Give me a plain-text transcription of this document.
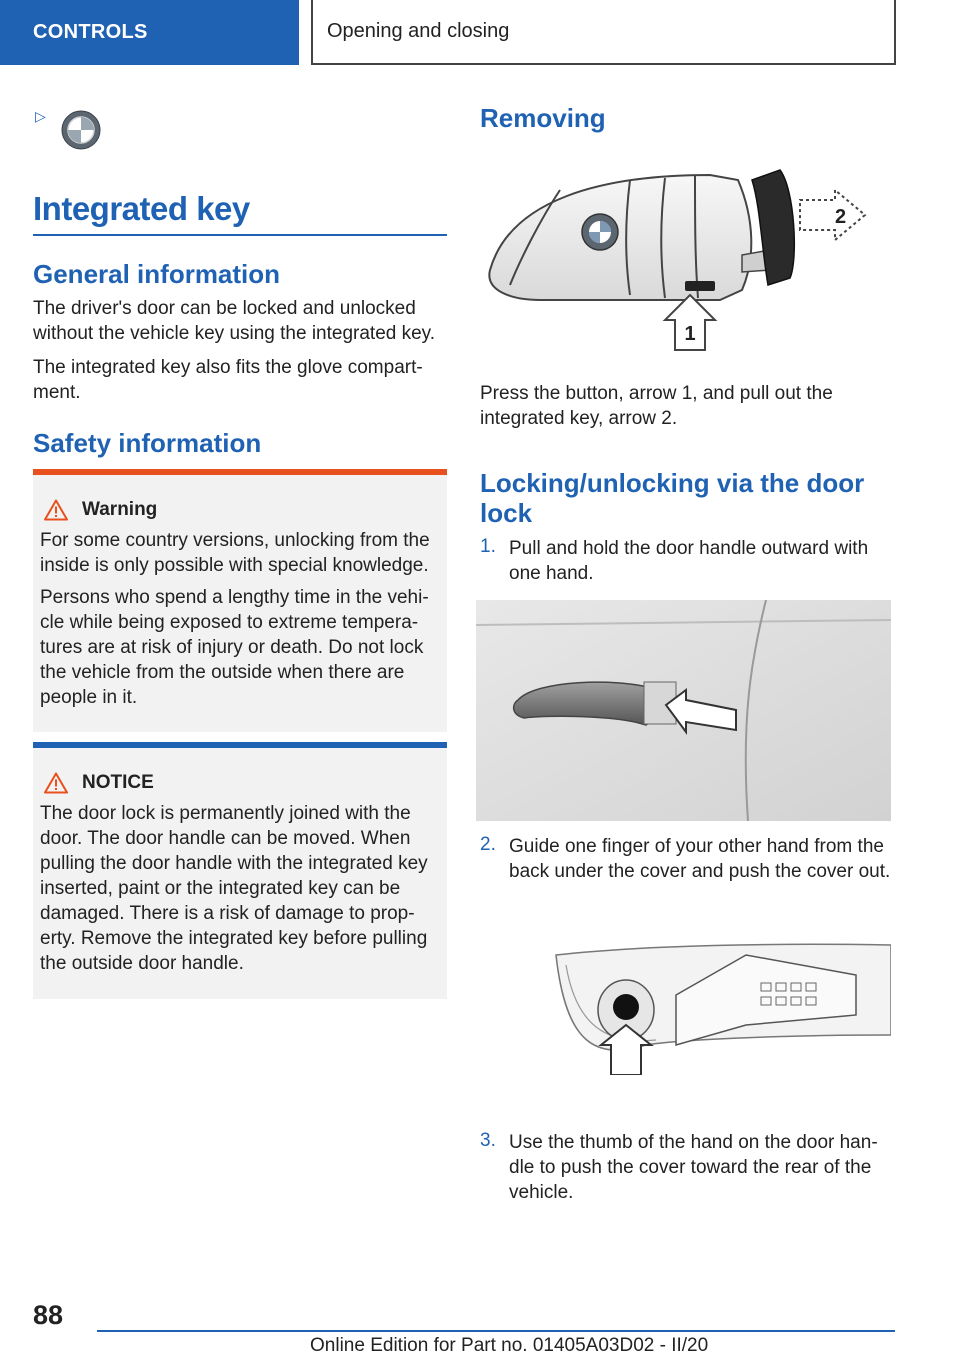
CONTROLS	Opening and closing
▷
Integrated key
General information
The driver's door can be locked and unlocked without the vehicle key using the integrated key.
The integrated key also fits the glove compart‐ment.
Safety information
Warning

For some country versions, unlocking from the inside is only possible with special knowledge.

Persons who spend a lengthy time in the vehi‐cle while being exposed to extreme tempera‐tures are at risk of injury or death. Do not lock the vehicle from the outside when there are people in it.

NOTICE

The door lock is permanently joined with the door. The door handle can be moved. When pulling the door handle with the integrated key inserted, paint or the integrated key can be damaged. There is a risk of damage to prop‐erty. Remove the integrated key before pulling the outside door handle.

Removing
2
1
Press the button, arrow 1, and pull out the integrated key, arrow 2.
Locking/unlocking via the door lock
1. Pull and hold the door handle outward with one hand.
2. Guide one finger of your other hand from the back under the cover and push the cover out.
3. Use the thumb of the hand on the door han‐dle to push the cover toward the rear of the vehicle.
88
Online Edition for Part no. 01405A03D02 - II/20
